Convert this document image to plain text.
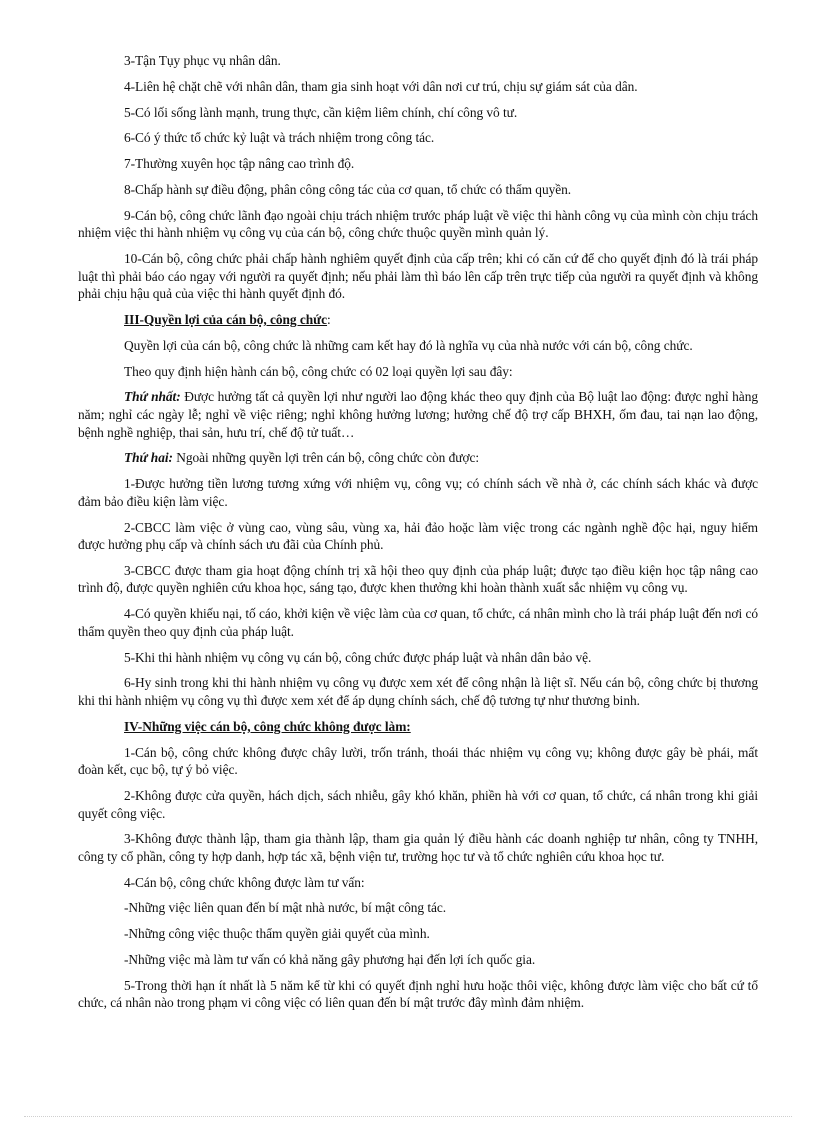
3-Tận Tụy phục vụ nhân dân.

4-Liên hệ chặt chẽ với nhân dân, tham gia sinh hoạt với dân nơi cư trú, chịu sự giám sát của dân.

5-Có lối sống lành mạnh, trung thực, cần kiệm liêm chính, chí công vô tư.

6-Có ý thức tổ chức kỷ luật và trách nhiệm trong công tác.

7-Thường xuyên học tập nâng cao trình độ.

8-Chấp hành sự điều động, phân công công tác của cơ quan, tổ chức có thẩm quyền.

9-Cán bộ, công chức lãnh đạo ngoài chịu trách nhiệm trước pháp luật về việc thi hành công vụ của mình còn chịu trách nhiệm việc thi hành nhiệm vụ công vụ của cán bộ, công chức thuộc quyền mình quản lý.

10-Cán bộ, công chức phải chấp hành nghiêm quyết định của cấp trên; khi có căn cứ để cho quyết định đó là trái pháp luật thì phải báo cáo ngay với người ra quyết định; nếu phải làm thì báo lên cấp trên trực tiếp của người ra quyết định và không phải chịu hậu quả của việc thi hành quyết định đó.

III-Quyền lợi của cán bộ, công chức:

Quyền lợi của cán bộ, công chức là những cam kết hay đó là nghĩa vụ của nhà nước với cán bộ, công chức.

Theo quy định hiện hành cán bộ, công chức có 02 loại quyền lợi sau đây:

Thứ nhất: Được hưởng tất cả quyền lợi như người lao động khác theo quy định của Bộ luật lao động: được nghỉ hàng năm; nghỉ các ngày lễ; nghỉ về việc riêng; nghỉ không hưởng lương; hưởng chế độ trợ cấp BHXH, ốm đau, tai nạn lao động, bệnh nghề nghiệp, thai sản, hưu trí, chế độ tử tuất…

Thứ hai: Ngoài những quyền lợi trên cán bộ, công chức còn được:

1-Được hưởng tiền lương tương xứng với nhiệm vụ, công vụ; có chính sách về nhà ở, các chính sách khác và được đảm bảo điều kiện làm việc.

2-CBCC làm việc ở vùng cao, vùng sâu, vùng xa, hải đảo hoặc làm việc trong các ngành nghề độc hại, nguy hiểm được hưởng phụ cấp và chính sách ưu đãi của Chính phủ.

3-CBCC được tham gia hoạt động chính trị xã hội theo quy định của pháp luật; được tạo điều kiện học tập nâng cao trình độ, được quyền nghiên cứu khoa học, sáng tạo, được khen thưởng khi hoàn thành xuất sắc nhiệm vụ công vụ.

4-Có quyền khiếu nại, tố cáo, khởi kiện về việc làm của cơ quan, tổ chức, cá nhân mình cho là trái pháp luật đến nơi có thẩm quyền theo quy định của pháp luật.

5-Khi thi hành nhiệm vụ công vụ cán bộ, công chức được pháp luật và nhân dân bảo vệ.

6-Hy sinh trong khi thi hành nhiệm vụ công vụ được xem xét để công nhận là liệt sĩ. Nếu cán bộ, công chức bị thương khi thi hành nhiệm vụ công vụ thì được xem xét để áp dụng chính sách, chế độ tương tự như thương binh.

IV-Những việc cán bộ, công chức không được làm:

1-Cán bộ, công chức không được chây lười, trốn tránh, thoái thác nhiệm vụ công vụ; không được gây bè phái, mất đoàn kết, cục bộ, tự ý bỏ việc.

2-Không được cửa quyền, hách dịch, sách nhiễu, gây khó khăn, phiền hà với cơ quan, tổ chức, cá nhân trong khi giải quyết công việc.

3-Không được thành lập, tham gia thành lập, tham gia quản lý điều hành các doanh nghiệp tư nhân, công ty TNHH, công ty cổ phần, công ty hợp danh, hợp tác xã, bệnh viện tư, trường học tư và tổ chức nghiên cứu khoa học tư.

4-Cán bộ, công chức không được làm tư vấn:

-Những việc liên quan đến bí mật nhà nước, bí mật công tác.

-Những công việc thuộc thẩm quyền giải quyết của mình.

-Những việc mà làm tư vấn có khả năng gây phương hại đến lợi ích quốc gia.

5-Trong thời hạn ít nhất là 5 năm kể từ khi có quyết định nghỉ hưu hoặc thôi việc, không được làm việc cho bất cứ tổ chức, cá nhân nào trong phạm vi công việc có liên quan đến bí mật trước đây mình đảm nhiệm.
